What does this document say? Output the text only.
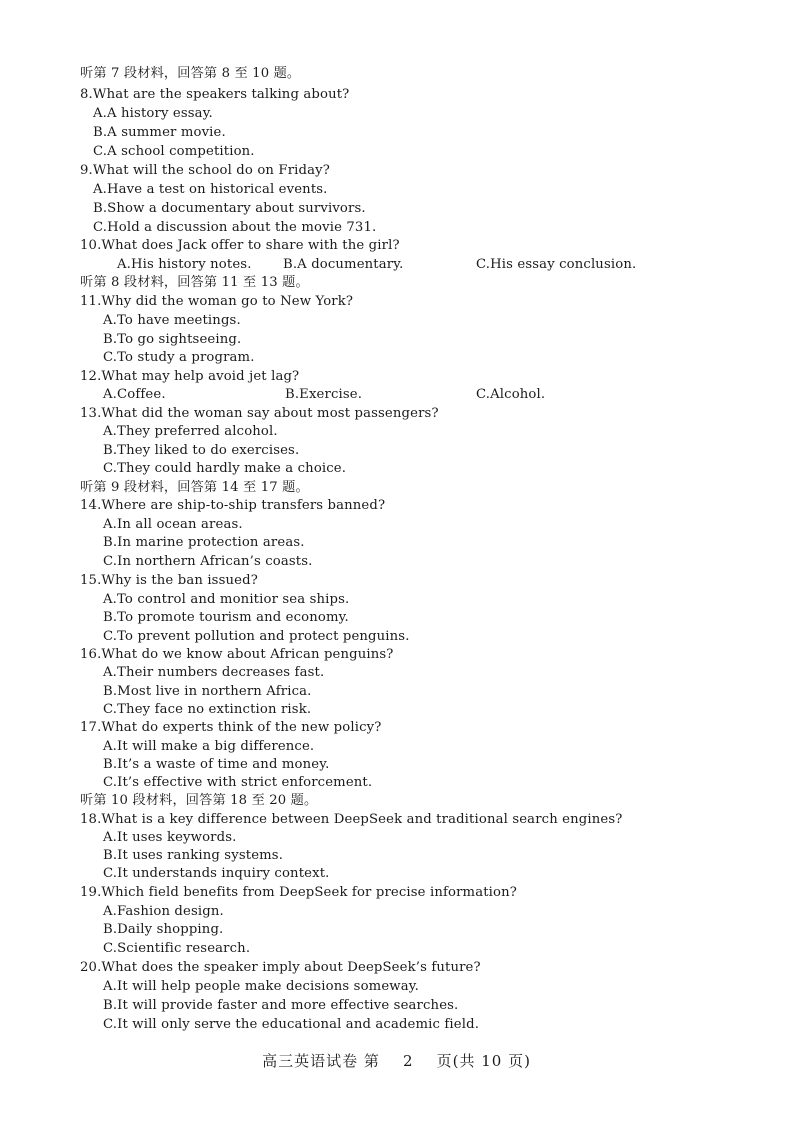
听第 7 段材料，回答第 8 至 10 题。
8.What are the speakers talking about?
A.A history essay.
B.A summer movie.
C.A school competition.
9.What will the school do on Friday?
A.Have a test on historical events.
B.Show a documentary about survivors.
C.Hold a discussion about the movie 731.
10.What does Jack offer to share with the girl?
A.His history notes. B.A documentary.	C.His essay conclusion.
听第 8 段材料，回答第 11 至 13 题。
11.Why did the woman go to New York?
A.To have meetings.
B.To go sightseeing.
C.To study a program.
12.What may help avoid jet lag?
A.Coffee.	B.Exercise.	C.Alcohol.
13.What did the woman say about most passengers?
A.They preferred alcohol.
B.They liked to do exercises.
C.They could hardly make a choice.
听第 9 段材料，回答第 14 至 17 题。
14.Where are ship-to-ship transfers banned?
A.In all ocean areas.
B.In marine protection areas.
C.In northern African’s coasts.
15.Why is the ban issued?
A.To control and monitior sea ships.
B.To promote tourism and economy.
C.To prevent pollution and protect penguins.
16.What do we know about African penguins?
A.Their numbers decreases fast.
B.Most live in northern Africa.
C.They face no extinction risk.
17.What do experts think of the new policy?
A.It will make a big difference.
B.It’s a waste of time and money.
C.It’s effective with strict enforcement.
听第 10 段材料，回答第 18 至 20 题。
18.What is a key difference between DeepSeek and traditional search engines?
A.It uses keywords.
B.It uses ranking systems.
C.It understands inquiry context.
19.Which field benefits from DeepSeek for precise information?
A.Fashion design.
B.Daily shopping.
C.Scientific research.
20.What does the speaker imply about DeepSeek’s future?
A.It will help people make decisions someway.
B.It will provide faster and more effective searches.
C.It will only serve the educational and academic field.
高三英语试卷 第 2 页(共 10 页)
